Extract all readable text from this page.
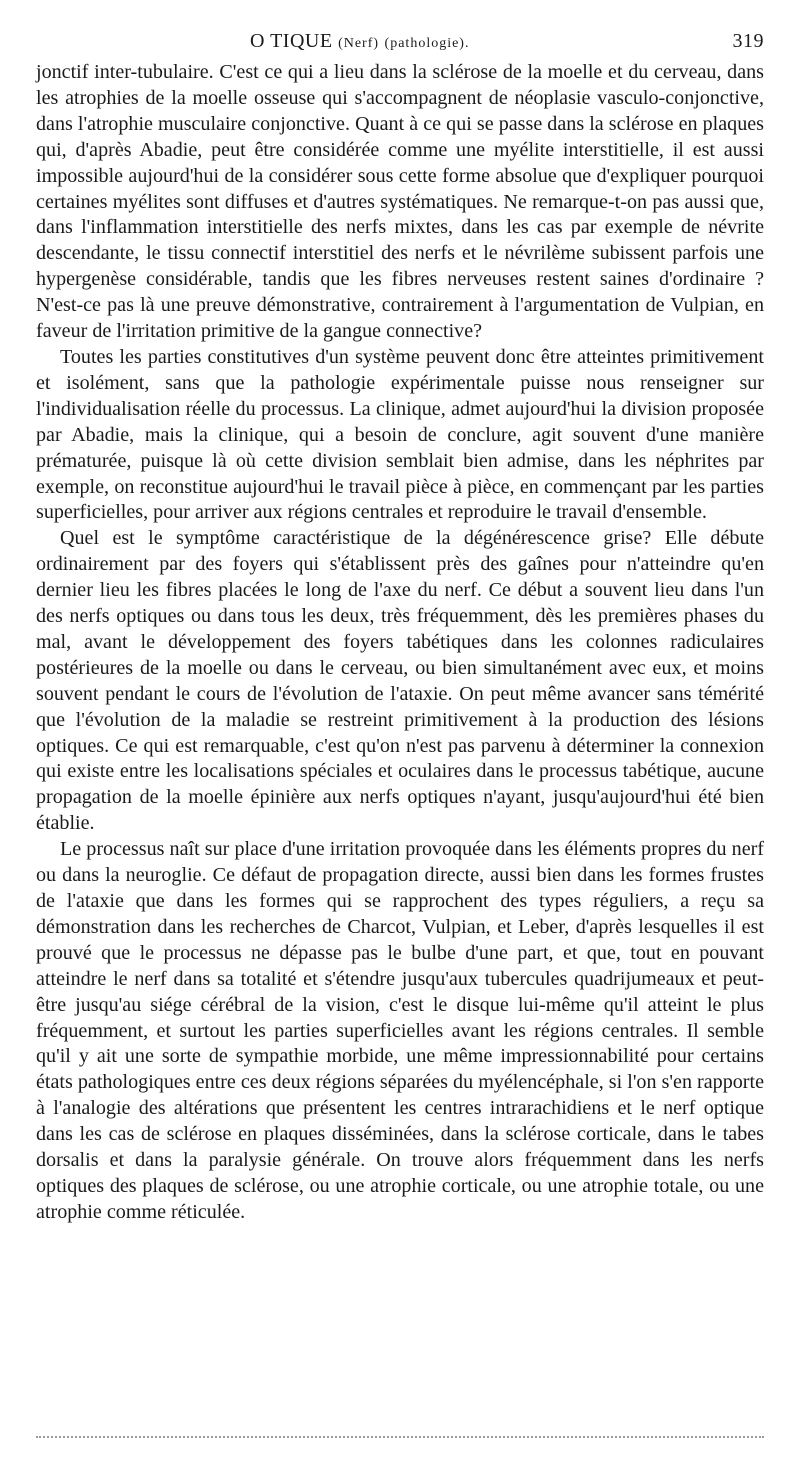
O TIQUE (Nerf) (pathologie).	319

jonctif inter-tubulaire. C'est ce qui a lieu dans la sclérose de la moelle et du cerveau, dans les atrophies de la moelle osseuse qui s'accompagnent de néoplasie vasculo-conjonctive, dans l'atrophie musculaire conjonctive. Quant à ce qui se passe dans la sclérose en plaques qui, d'après Abadie, peut être considérée comme une myélite interstitielle, il est aussi impossible aujourd'hui de la considérer sous cette forme absolue que d'expliquer pourquoi certaines myélites sont diffuses et d'autres systématiques. Ne remarque-t-on pas aussi que, dans l'inflammation interstitielle des nerfs mixtes, dans les cas par exemple de névrite descendante, le tissu connectif interstitiel des nerfs et le névrilème subissent parfois une hypergenèse considérable, tandis que les fibres nerveuses restent saines d'ordinaire ? N'est-ce pas là une preuve démonstrative, contrairement à l'argumentation de Vulpian, en faveur de l'irritation primitive de la gangue connective?

Toutes les parties constitutives d'un système peuvent donc être atteintes primitivement et isolément, sans que la pathologie expérimentale puisse nous renseigner sur l'individualisation réelle du processus. La clinique, admet aujourd'hui la division proposée par Abadie, mais la clinique, qui a besoin de conclure, agit souvent d'une manière prématurée, puisque là où cette division semblait bien admise, dans les néphrites par exemple, on reconstitue aujourd'hui le travail pièce à pièce, en commençant par les parties superficielles, pour arriver aux régions centrales et reproduire le travail d'ensemble.

Quel est le symptôme caractéristique de la dégénérescence grise? Elle débute ordinairement par des foyers qui s'établissent près des gaînes pour n'atteindre qu'en dernier lieu les fibres placées le long de l'axe du nerf. Ce début a souvent lieu dans l'un des nerfs optiques ou dans tous les deux, très fréquemment, dès les premières phases du mal, avant le développement des foyers tabétiques dans les colonnes radiculaires postérieures de la moelle ou dans le cerveau, ou bien simultanément avec eux, et moins souvent pendant le cours de l'évolution de l'ataxie. On peut même avancer sans témérité que l'évolution de la maladie se restreint primitivement à la production des lésions optiques. Ce qui est remarquable, c'est qu'on n'est pas parvenu à déterminer la connexion qui existe entre les localisations spéciales et oculaires dans le processus tabétique, aucune propagation de la moelle épinière aux nerfs optiques n'ayant, jusqu'aujourd'hui été bien établie.

Le processus naît sur place d'une irritation provoquée dans les éléments propres du nerf ou dans la neuroglie. Ce défaut de propagation directe, aussi bien dans les formes frustes de l'ataxie que dans les formes qui se rapprochent des types réguliers, a reçu sa démonstration dans les recherches de Charcot, Vulpian, et Leber, d'après lesquelles il est prouvé que le processus ne dépasse pas le bulbe d'une part, et que, tout en pouvant atteindre le nerf dans sa totalité et s'étendre jusqu'aux tubercules quadrijumeaux et peut-être jusqu'au siége cérébral de la vision, c'est le disque lui-même qu'il atteint le plus fréquemment, et surtout les parties superficielles avant les régions centrales. Il semble qu'il y ait une sorte de sympathie morbide, une même impressionnabilité pour certains états pathologiques entre ces deux régions séparées du myélencéphale, si l'on s'en rapporte à l'analogie des altérations que présentent les centres intrarachidiens et le nerf optique dans les cas de sclérose en plaques disséminées, dans la sclérose corticale, dans le tabes dorsalis et dans la paralysie générale. On trouve alors fréquemment dans les nerfs optiques des plaques de sclérose, ou une atrophie corticale, ou une atrophie totale, ou une atrophie comme réticulée.
